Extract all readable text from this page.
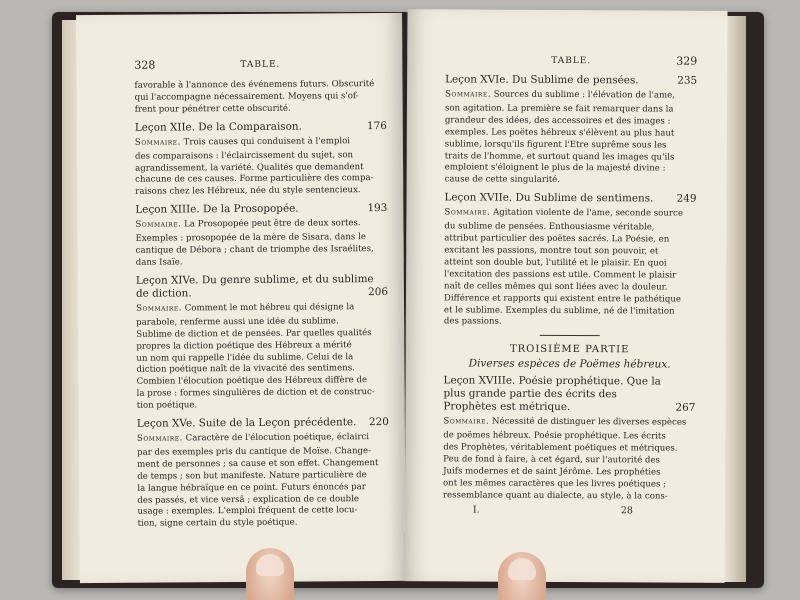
328	TABLE.

favorable à l'annonce des événemens futurs. Obscurité

qui l'accompagne nécessairement. Moyens qui s'of-

frent pour pénétrer cette obscurité.

Leçon XIIe. De la Comparaison.	176
Sommaire. Trois causes qui conduisent à l'emploi

des comparaisons : l'éclaircissement du sujet, son

agrandissement, la variété. Qualités que demandent

chacune de ces causes. Forme particulière des compa-

raisons chez les Hébreux, née du style sentencieux.

Leçon XIIIe. De la Prosopopée.	193
Sommaire. La Prosopopée peut être de deux sortes.

Exemples : prosopopée de la mère de Sisara, dans le

cantique de Débora ; chant de triomphe des Israélites,

dans Isaïe.

Leçon XIVe. Du genre sublime, et du sublime de diction.	206
Sommaire. Comment le mot hébreu qui désigne la

parabole, renferme aussi une idée du sublime.

Sublime de diction et de pensées. Par quelles qualités

propres la diction poétique des Hébreux a mérité

un nom qui rappelle l'idée du sublime. Celui de la

diction poétique naît de la vivacité des sentimens.

Combien l'élocution poétique des Hébreux diffère de

la prose : formes singulières de diction et de construc-

tion poétique.

Leçon XVe. Suite de la Leçon précédente. 220
Sommaire. Caractère de l'élocution poétique, éclairci

par des exemples pris du cantique de Moïse. Change-

ment de personnes ; sa cause et son effet. Changement

de temps ; son but manifeste. Nature particulière de

la langue hébraïque en ce point. Futurs énoncés par

des passés, et vice versâ ; explication de ce double

usage : exemples. L'emploi fréquent de cette locu-

tion, signe certain du style poétique.

TABLE.	329
Leçon XVIe. Du Sublime de pensées.	235
Sommaire. Sources du sublime : l'élévation de l'ame,

son agitation. La première se fait remarquer dans la

grandeur des idées, des accessoires et des images :

exemples. Les poëtes hébreux s'élèvent au plus haut

sublime, lorsqu'ils figurent l'Etre suprême sous les

traits de l'homme, et surtout quand les images qu'ils

emploient s'éloignent le plus de la majesté divine :

cause de cette singularité.

Leçon XVIIe. Du Sublime de sentimens. 249
Sommaire. Agitation violente de l'ame, seconde source

du sublime de pensées. Enthousiasme véritable,

attribut particulier des poëtes sacrés. La Poésie, en

excitant les passions, montre tout son pouvoir, et

atteint son double but, l'utilité et le plaisir. En quoi

l'excitation des passions est utile. Comment le plaisir

naît de celles mêmes qui sont liées avec la douleur.

Différence et rapports qui existent entre le pathétique

et le sublime. Exemples du sublime, né de l'imitation

des passions.

TROISIÈME PARTIE
Diverses espèces de Poëmes hébreux.
Leçon XVIIIe. Poésie prophétique. Que la plus grande partie des écrits des Prophètes est métrique.	267
Sommaire. Nécessité de distinguer les diverses espèces

de poëmes hébreux. Poésie prophétique. Les écrits

des Prophètes, véritablement poétiques et métriques.

Peu de fond à faire, à cet égard, sur l'autorité des

Juifs modernes et de saint Jérôme. Les prophéties

ont les mêmes caractères que les livres poétiques ;

ressemblance quant au dialecte, au style, à la cons-

I.	28
